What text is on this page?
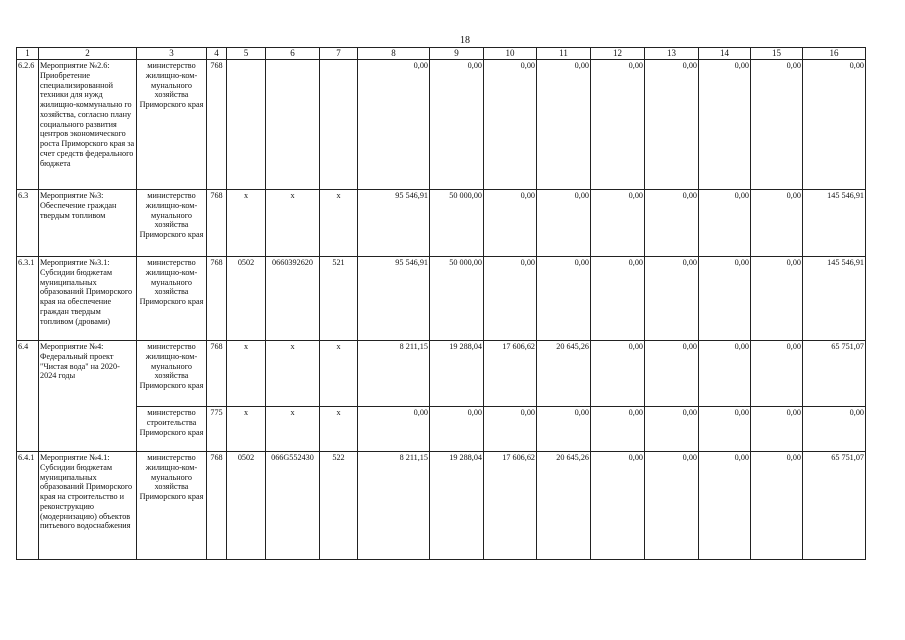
18
1	2	3	4	5	6	7	8	9	10	11	12	13	14	15	16
6.2.6	Мероприятие №2.6: Приобретение специализированной техники для нужд жилищно-коммунально го хозяйства, согласно плану социального развития центров экономического роста Приморского края за счет средств федерального бюджета	министерство жилищно-ком- мунального хозяйства Приморского края	768				0,00	0,00	0,00	0,00	0,00	0,00	0,00	0,00	0,00
6.3	Мероприятие №3: Обеспечение граждан твердым топливом	министерство жилищно-ком- мунального хозяйства Приморского края	768	х	х	х	95 546,91	50 000,00	0,00	0,00	0,00	0,00	0,00	0,00	145 546,91
6.3.1	Мероприятие №3.1: Субсидии бюджетам муниципальных образований Приморского края на обеспечение граждан твердым топливом (дровами)	министерство жилищно-ком- мунального хозяйства Приморского края	768	0502	0660392620	521	95 546,91	50 000,00	0,00	0,00	0,00	0,00	0,00	0,00	145 546,91
6.4	Мероприятие №4: Федеральный проект "Чистая вода" на 2020-2024 годы	министерство жилищно-ком- мунального хозяйства Приморского края	768	х	х	х	8 211,15	19 288,04	17 606,62	20 645,26	0,00	0,00	0,00	0,00	65 751,07
		министерство строительства Приморского края	775	х	х	х	0,00	0,00	0,00	0,00	0,00	0,00	0,00	0,00	0,00
6.4.1	Мероприятие №4.1: Субсидии бюджетам муниципальных образований Приморского края на строительство и реконструкцию (модернизацию) объектов питьевого водоснабжения	министерство жилищно-ком- мунального хозяйства Приморского края	768	0502	066G552430	522	8 211,15	19 288,04	17 606,62	20 645,26	0,00	0,00	0,00	0,00	65 751,07
